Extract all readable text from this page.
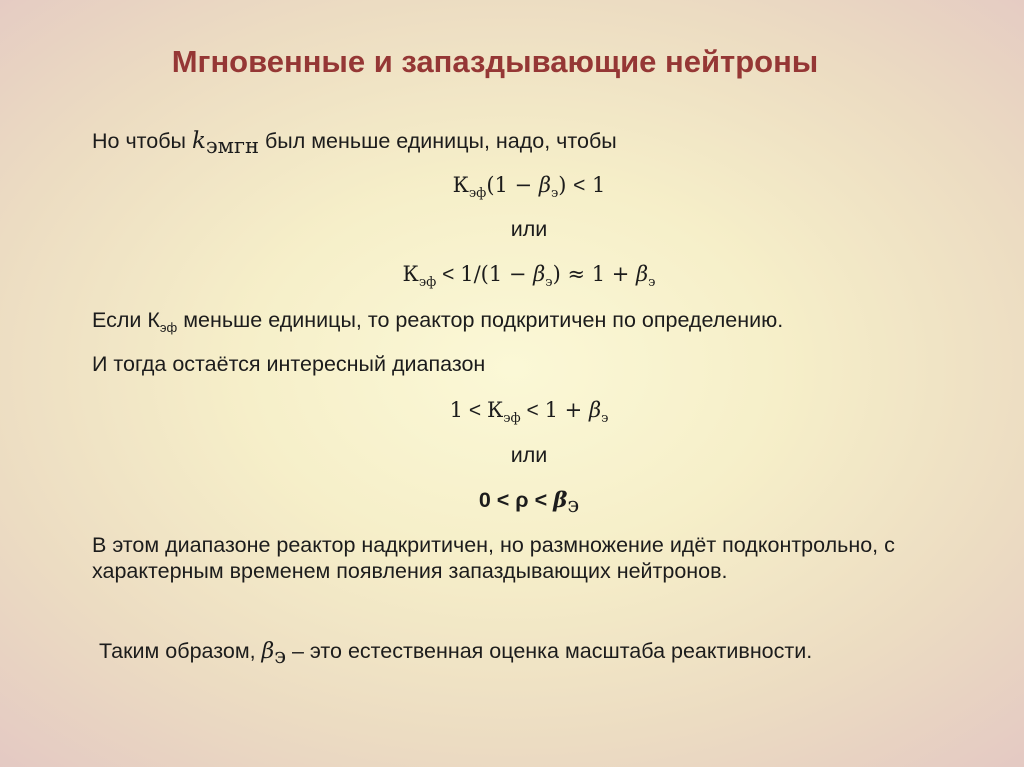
Мгновенные и запаздывающие нейтроны
Но чтобы $k_{эмгн}$ был меньше единицы, надо, чтобы
$К_{эф}(1 - \beta_э) < 1$
или
$К_{эф} < 1/(1 - \beta_э) \approx 1 + \beta_э$
Если $К_{эф}$ меньше единицы, то реактор подкритичен по определению.
И тогда остаётся интересный диапазон
$1 < К_{эф} < 1 + \beta_э$
или
$0 < \rho < \beta_э$
В этом диапазоне реактор надкритичен, но размножение идёт подконтрольно, с характерным временем появления запаздывающих нейтронов.
Таким образом, $\beta_э$ – это естественная оценка масштаба реактивности.
